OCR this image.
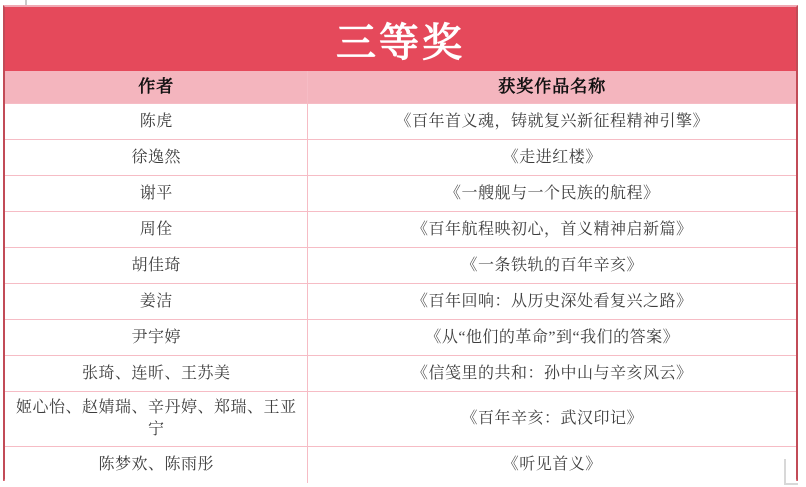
三等奖
作者	获奖作品名称
陈虎	《百年首义魂，铸就复兴新征程精神引擎》
徐逸然	《走进红楼》
谢平	《一艘舰与一个民族的航程》
周佺	《百年航程映初心，首义精神启新篇》
胡佳琦	《一条铁轨的百年辛亥》
姜洁	《百年回响：从历史深处看复兴之路》
尹宇婷	《从“他们的革命”到“我们的答案》
张琦、连昕、王苏美	《信笺里的共和：孙中山与辛亥风云》
姬心怡、赵婧瑞、辛丹婷、郑瑞、王亚宁	《百年辛亥：武汉印记》
陈梦欢、陈雨彤	《听见首义》
